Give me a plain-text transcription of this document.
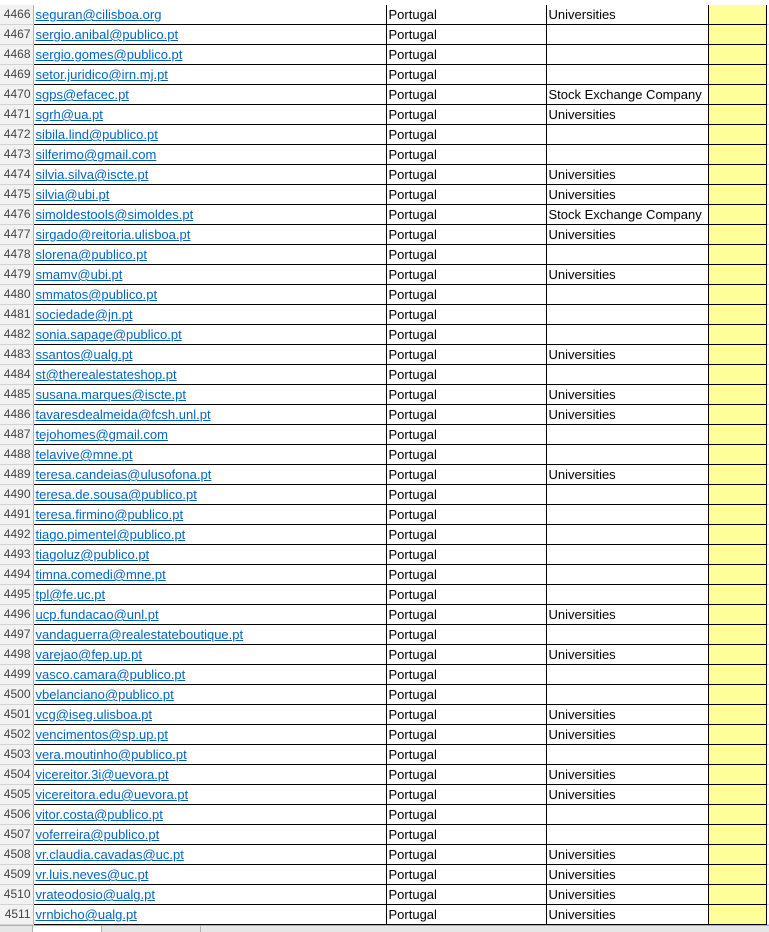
4466	seguran@cilisboa.org	Portugal	Universities		
4467	sergio.anibal@publico.pt	Portugal			
4468	sergio.gomes@publico.pt	Portugal			
4469	setor.juridico@irn.mj.pt	Portugal			
4470	sgps@efacec.pt	Portugal	Stock Exchange Company		
4471	sgrh@ua.pt	Portugal	Universities		
4472	sibila.lind@publico.pt	Portugal			
4473	silferimo@gmail.com	Portugal			
4474	silvia.silva@iscte.pt	Portugal	Universities		
4475	silvia@ubi.pt	Portugal	Universities		
4476	simoldestools@simoldes.pt	Portugal	Stock Exchange Company		
4477	sirgado@reitoria.ulisboa.pt	Portugal	Universities		
4478	slorena@publico.pt	Portugal			
4479	smamv@ubi.pt	Portugal	Universities		
4480	smmatos@publico.pt	Portugal			
4481	sociedade@jn.pt	Portugal			
4482	sonia.sapage@publico.pt	Portugal			
4483	ssantos@ualg.pt	Portugal	Universities		
4484	st@therealestateshop.pt	Portugal			
4485	susana.marques@iscte.pt	Portugal	Universities		
4486	tavaresdealmeida@fcsh.unl.pt	Portugal	Universities		
4487	tejohomes@gmail.com	Portugal			
4488	telavive@mne.pt	Portugal			
4489	teresa.candeias@ulusofona.pt	Portugal	Universities		
4490	teresa.de.sousa@publico.pt	Portugal			
4491	teresa.firmino@publico.pt	Portugal			
4492	tiago.pimentel@publico.pt	Portugal			
4493	tiagoluz@publico.pt	Portugal			
4494	timna.comedi@mne.pt	Portugal			
4495	tpl@fe.uc.pt	Portugal			
4496	ucp.fundacao@unl.pt	Portugal	Universities		
4497	vandaguerra@realestateboutique.pt	Portugal			
4498	varejao@fep.up.pt	Portugal	Universities		
4499	vasco.camara@publico.pt	Portugal			
4500	vbelanciano@publico.pt	Portugal			
4501	vcg@iseg.ulisboa.pt	Portugal	Universities		
4502	vencimentos@sp.up.pt	Portugal	Universities		
4503	vera.moutinho@publico.pt	Portugal			
4504	vicereitor.3i@uevora.pt	Portugal	Universities		
4505	vicereitora.edu@uevora.pt	Portugal	Universities		
4506	vitor.costa@publico.pt	Portugal			
4507	voferreira@publico.pt	Portugal			
4508	vr.claudia.cavadas@uc.pt	Portugal	Universities		
4509	vr.luis.neves@uc.pt	Portugal	Universities		
4510	vrateodosio@ualg.pt	Portugal	Universities		
4511	vrnbicho@ualg.pt	Portugal	Universities		
